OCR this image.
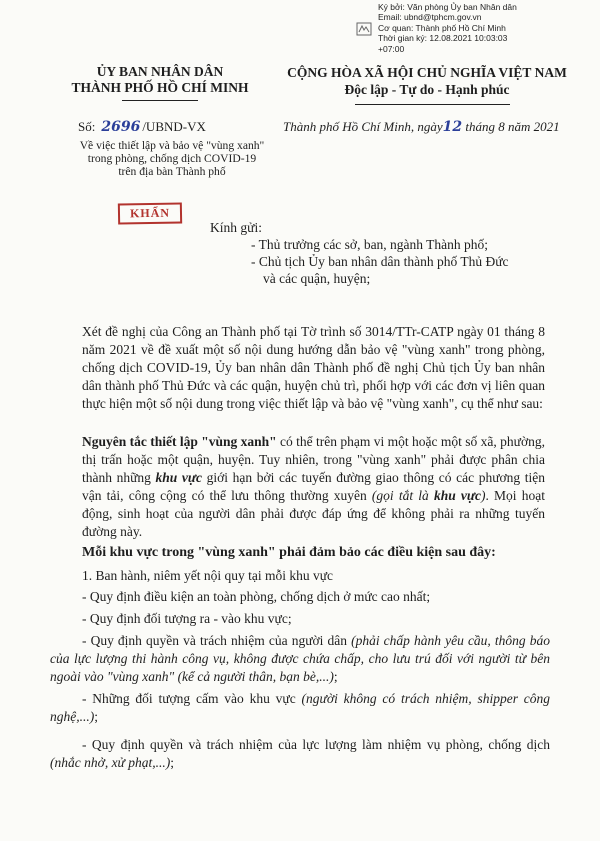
Ký bởi: Văn phòng Ủy ban Nhân dân
Email: ubnd@tphcm.gov.vn
Cơ quan: Thành phố Hồ Chí Minh
Thời gian ký: 12.08.2021 10:03:03
+07:00
ỦY BAN NHÂN DÂN
THÀNH PHỐ HỒ CHÍ MINH
CỘNG HÒA XÃ HỘI CHỦ NGHĨA VIỆT NAM
Độc lập - Tự do - Hạnh phúc
Số: 2696 /UBND-VX	Thành phố Hồ Chí Minh, ngày12 tháng 8 năm 2021
Về việc thiết lập và bảo vệ "vùng xanh"
trong phòng, chống dịch COVID-19
trên địa bàn Thành phố
KHẨN
Kính gửi:
- Thủ trưởng các sở, ban, ngành Thành phố;
- Chủ tịch Ủy ban nhân dân thành phố Thủ Đức
và các quận, huyện;

Xét đề nghị của Công an Thành phố tại Tờ trình số 3014/TTr-CATP ngày 01 tháng 8 năm 2021 về đề xuất một số nội dung hướng dẫn bảo vệ "vùng xanh" trong phòng, chống dịch COVID-19, Ủy ban nhân dân Thành phố đề nghị Chủ tịch Ủy ban nhân dân thành phố Thủ Đức và các quận, huyện chủ trì, phối hợp với các đơn vị liên quan thực hiện một số nội dung trong việc thiết lập và bảo vệ "vùng xanh", cụ thể như sau:

Nguyên tắc thiết lập "vùng xanh" có thể trên phạm vi một hoặc một số xã, phường, thị trấn hoặc một quận, huyện. Tuy nhiên, trong "vùng xanh" phải được phân chia thành những khu vực giới hạn bởi các tuyến đường giao thông có các phương tiện vận tải, công cộng có thể lưu thông thường xuyên (gọi tắt là khu vực). Mọi hoạt động, sinh hoạt của người dân phải được đáp ứng để không phải ra những tuyến đường này.

Mỗi khu vực trong "vùng xanh" phải đảm bảo các điều kiện sau đây:
1. Ban hành, niêm yết nội quy tại mỗi khu vực
- Quy định điều kiện an toàn phòng, chống dịch ở mức cao nhất;
- Quy định đối tượng ra - vào khu vực;
- Quy định quyền và trách nhiệm của người dân (phải chấp hành yêu cầu, thông báo của lực lượng thi hành công vụ, không được chứa chấp, cho lưu trú đối với người từ bên ngoài vào "vùng xanh" (kể cả người thân, bạn bè,...);
- Những đối tượng cấm vào khu vực (người không có trách nhiệm, shipper công nghệ,...);
- Quy định quyền và trách nhiệm của lực lượng làm nhiệm vụ phòng, chống dịch (nhắc nhở, xử phạt,...);
